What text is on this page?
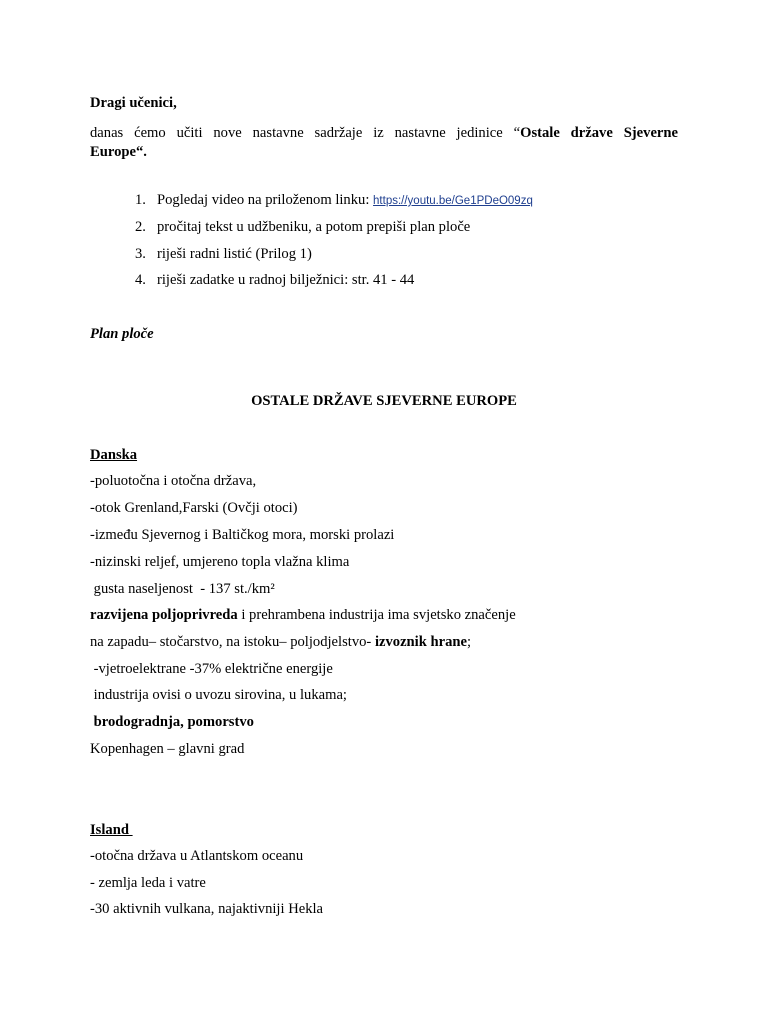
Dragi učenici,
danas ćemo učiti nove nastavne sadržaje iz nastavne jedinice “Ostale države Sjeverne
Europe“.
1. Pogledaj video na priloženom linku: https://youtu.be/Ge1PDeO09zq
2. pročitaj tekst u udžbeniku, a potom prepiši plan ploče
3. riješi radni listić (Prilog 1)
4. riješi zadatke u radnoj bilježnici: str. 41 - 44
Plan ploče
OSTALE DRŽAVE SJEVERNE EUROPE
Danska
-poluotočna i otočna država,
-otok Grenland,Farski (Ovčji otoci)
-između Sjevernog i Baltičkog mora, morski prolazi
-nizinski reljef, umjereno topla vlažna klima
gusta naseljenost  - 137 st./km²
razvijena poljoprivreda i prehrambena industrija ima svjetsko značenje
na zapadu– stočarstvo, na istoku– poljodjelstvo- izvoznik hrane;
-vjetroelektrane -37% električne energije
industrija ovisi o uvozu sirovina, u lukama;
brodogradnja, pomorstvo
Kopenhagen – glavni grad
Island
-otočna država u Atlantskom oceanu
- zemlja leda i vatre
-30 aktivnih vulkana, najaktivniji Hekla
